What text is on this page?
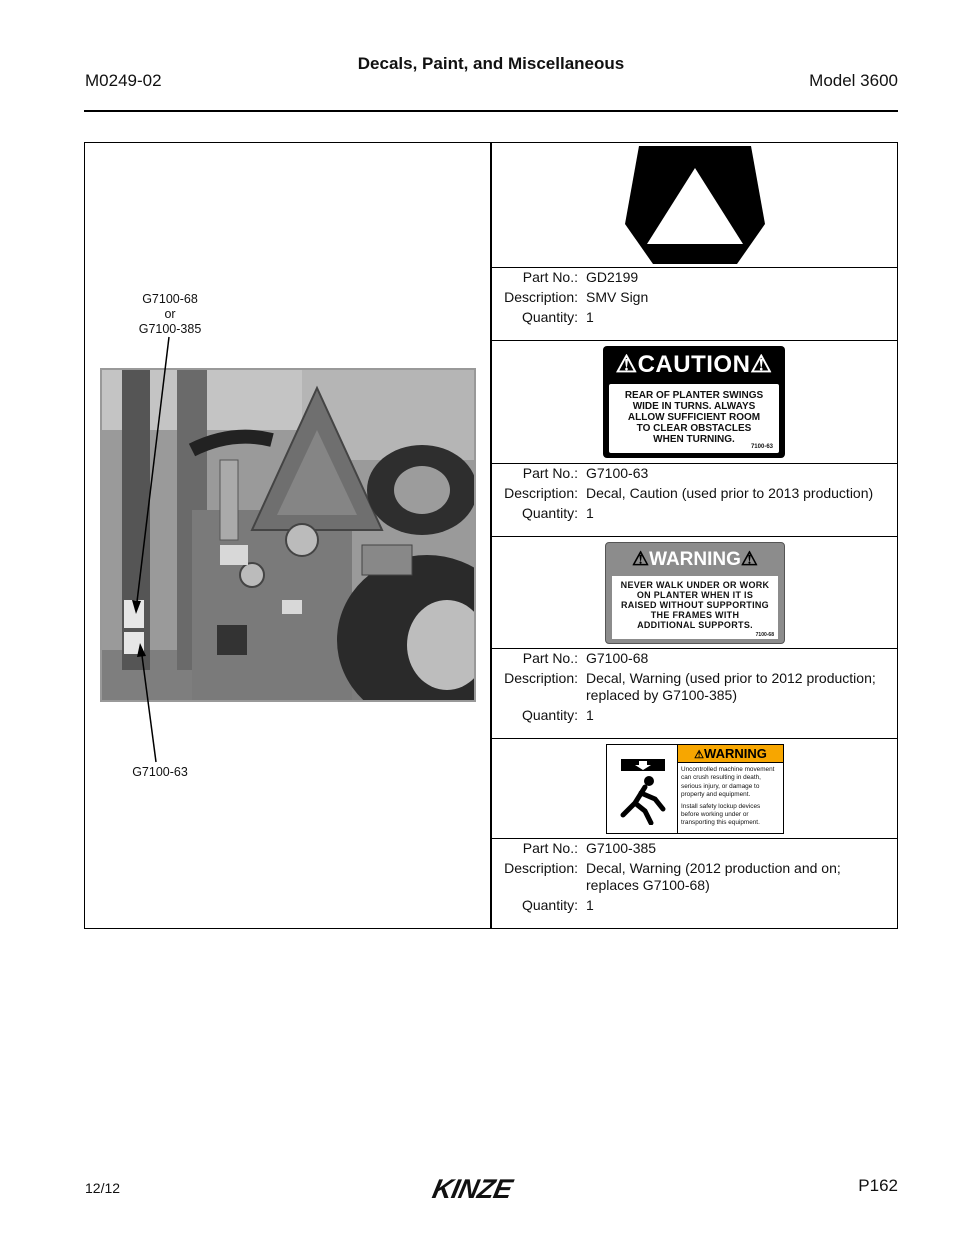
Decals, Paint, and Miscellaneous
M0249-02	Model 3600
G7100-68
or
G7100-385
G7100-63
⚠CAUTION⚠
REAR OF PLANTER SWINGS
WIDE IN TURNS. ALWAYS
ALLOW SUFFICIENT ROOM
TO CLEAR OBSTACLES
WHEN TURNING.
7100-63
⚠WARNING⚠
NEVER WALK UNDER OR WORK
ON PLANTER WHEN IT IS
RAISED WITHOUT SUPPORTING
THE FRAMES WITH
ADDITIONAL SUPPORTS.
7100-68
⚠WARNING
Uncontrolled machine movement
can crush resulting in death,
serious injury, or damage to
property and equipment.
Install safety lockup devices
before working under or
transporting this equipment.
Part No.: GD2199
Description: SMV Sign
Quantity: 1
Part No.: G7100-63
Description: Decal, Caution (used prior to 2013 production)
Quantity: 1
Part No.: G7100-68
Description: Decal, Warning (used prior to 2012 production; replaced by G7100-385)
Quantity: 1
Part No.: G7100-385
Description: Decal, Warning (2012 production and on; replaces G7100-68)
Quantity: 1
12/12	KINZE	P162
